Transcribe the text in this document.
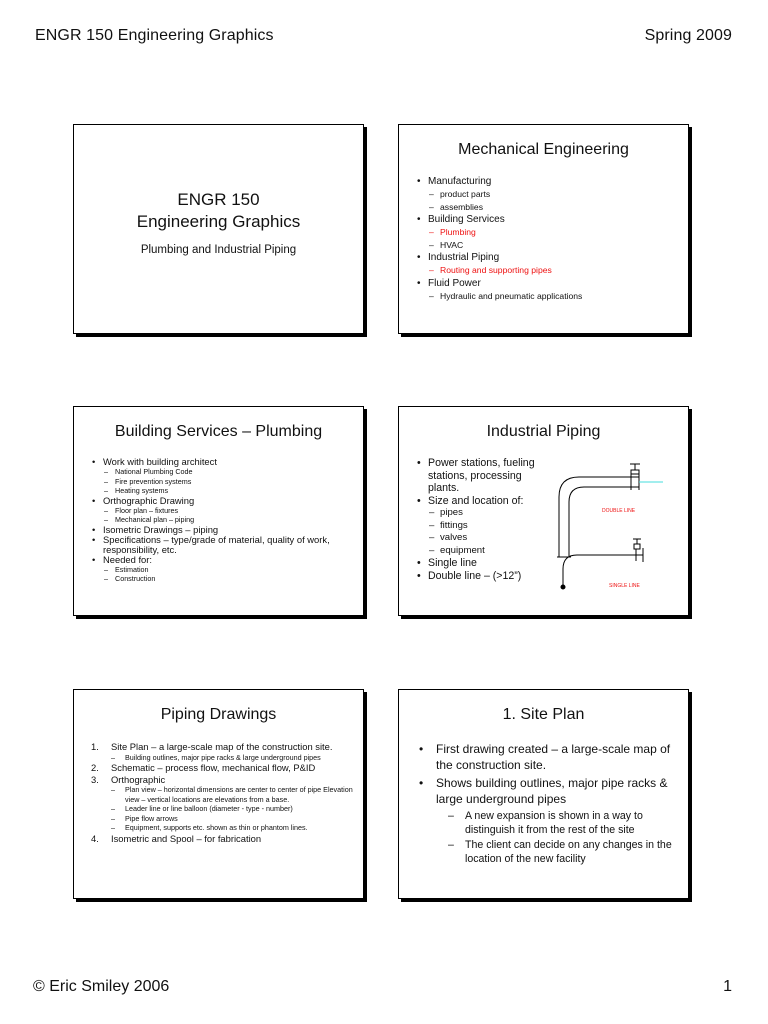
ENGR 150 Engineering Graphics	Spring 2009
ENGR 150
Engineering Graphics
Plumbing and Industrial Piping
Mechanical Engineering
• Manufacturing
– product parts
– assemblies
• Building Services
– Plumbing
– HVAC
• Industrial Piping
– Routing and supporting pipes
• Fluid Power
– Hydraulic and pneumatic applications
Building Services – Plumbing
• Work with building architect
– National Plumbing Code
– Fire prevention systems
– Heating systems
• Orthographic Drawing
– Floor plan – fixtures
– Mechanical plan – piping
• Isometric Drawings – piping
• Specifications – type/grade of material, quality of work, responsibility, etc.
• Needed for:
– Estimation
– Construction
Industrial Piping
• Power stations, fueling stations, processing plants.
• Size and location of:
– pipes
– fittings
– valves
– equipment
• Single line
• Double line – (>12”)
DOUBLE LINE
SINGLE LINE
Piping Drawings
1. Site Plan – a large-scale map of the construction site.
– Building outlines, major pipe racks & large underground pipes
2. Schematic – process flow, mechanical flow, P&ID
3. Orthographic
– Plan view – horizontal dimensions are center to center of pipe Elevation view – vertical locations are elevations from a base.
– Leader line or line balloon (diameter - type - number)
– Pipe flow arrows
– Equipment, supports etc. shown as thin or phantom lines.
4. Isometric and Spool – for fabrication
1. Site Plan
• First drawing created – a large-scale map of the construction site.
• Shows building outlines, major pipe racks & large underground pipes
– A new expansion is shown in a way to distinguish it from the rest of the site
– The client can decide on any changes in the location of the new facility
© Eric Smiley 2006	1
